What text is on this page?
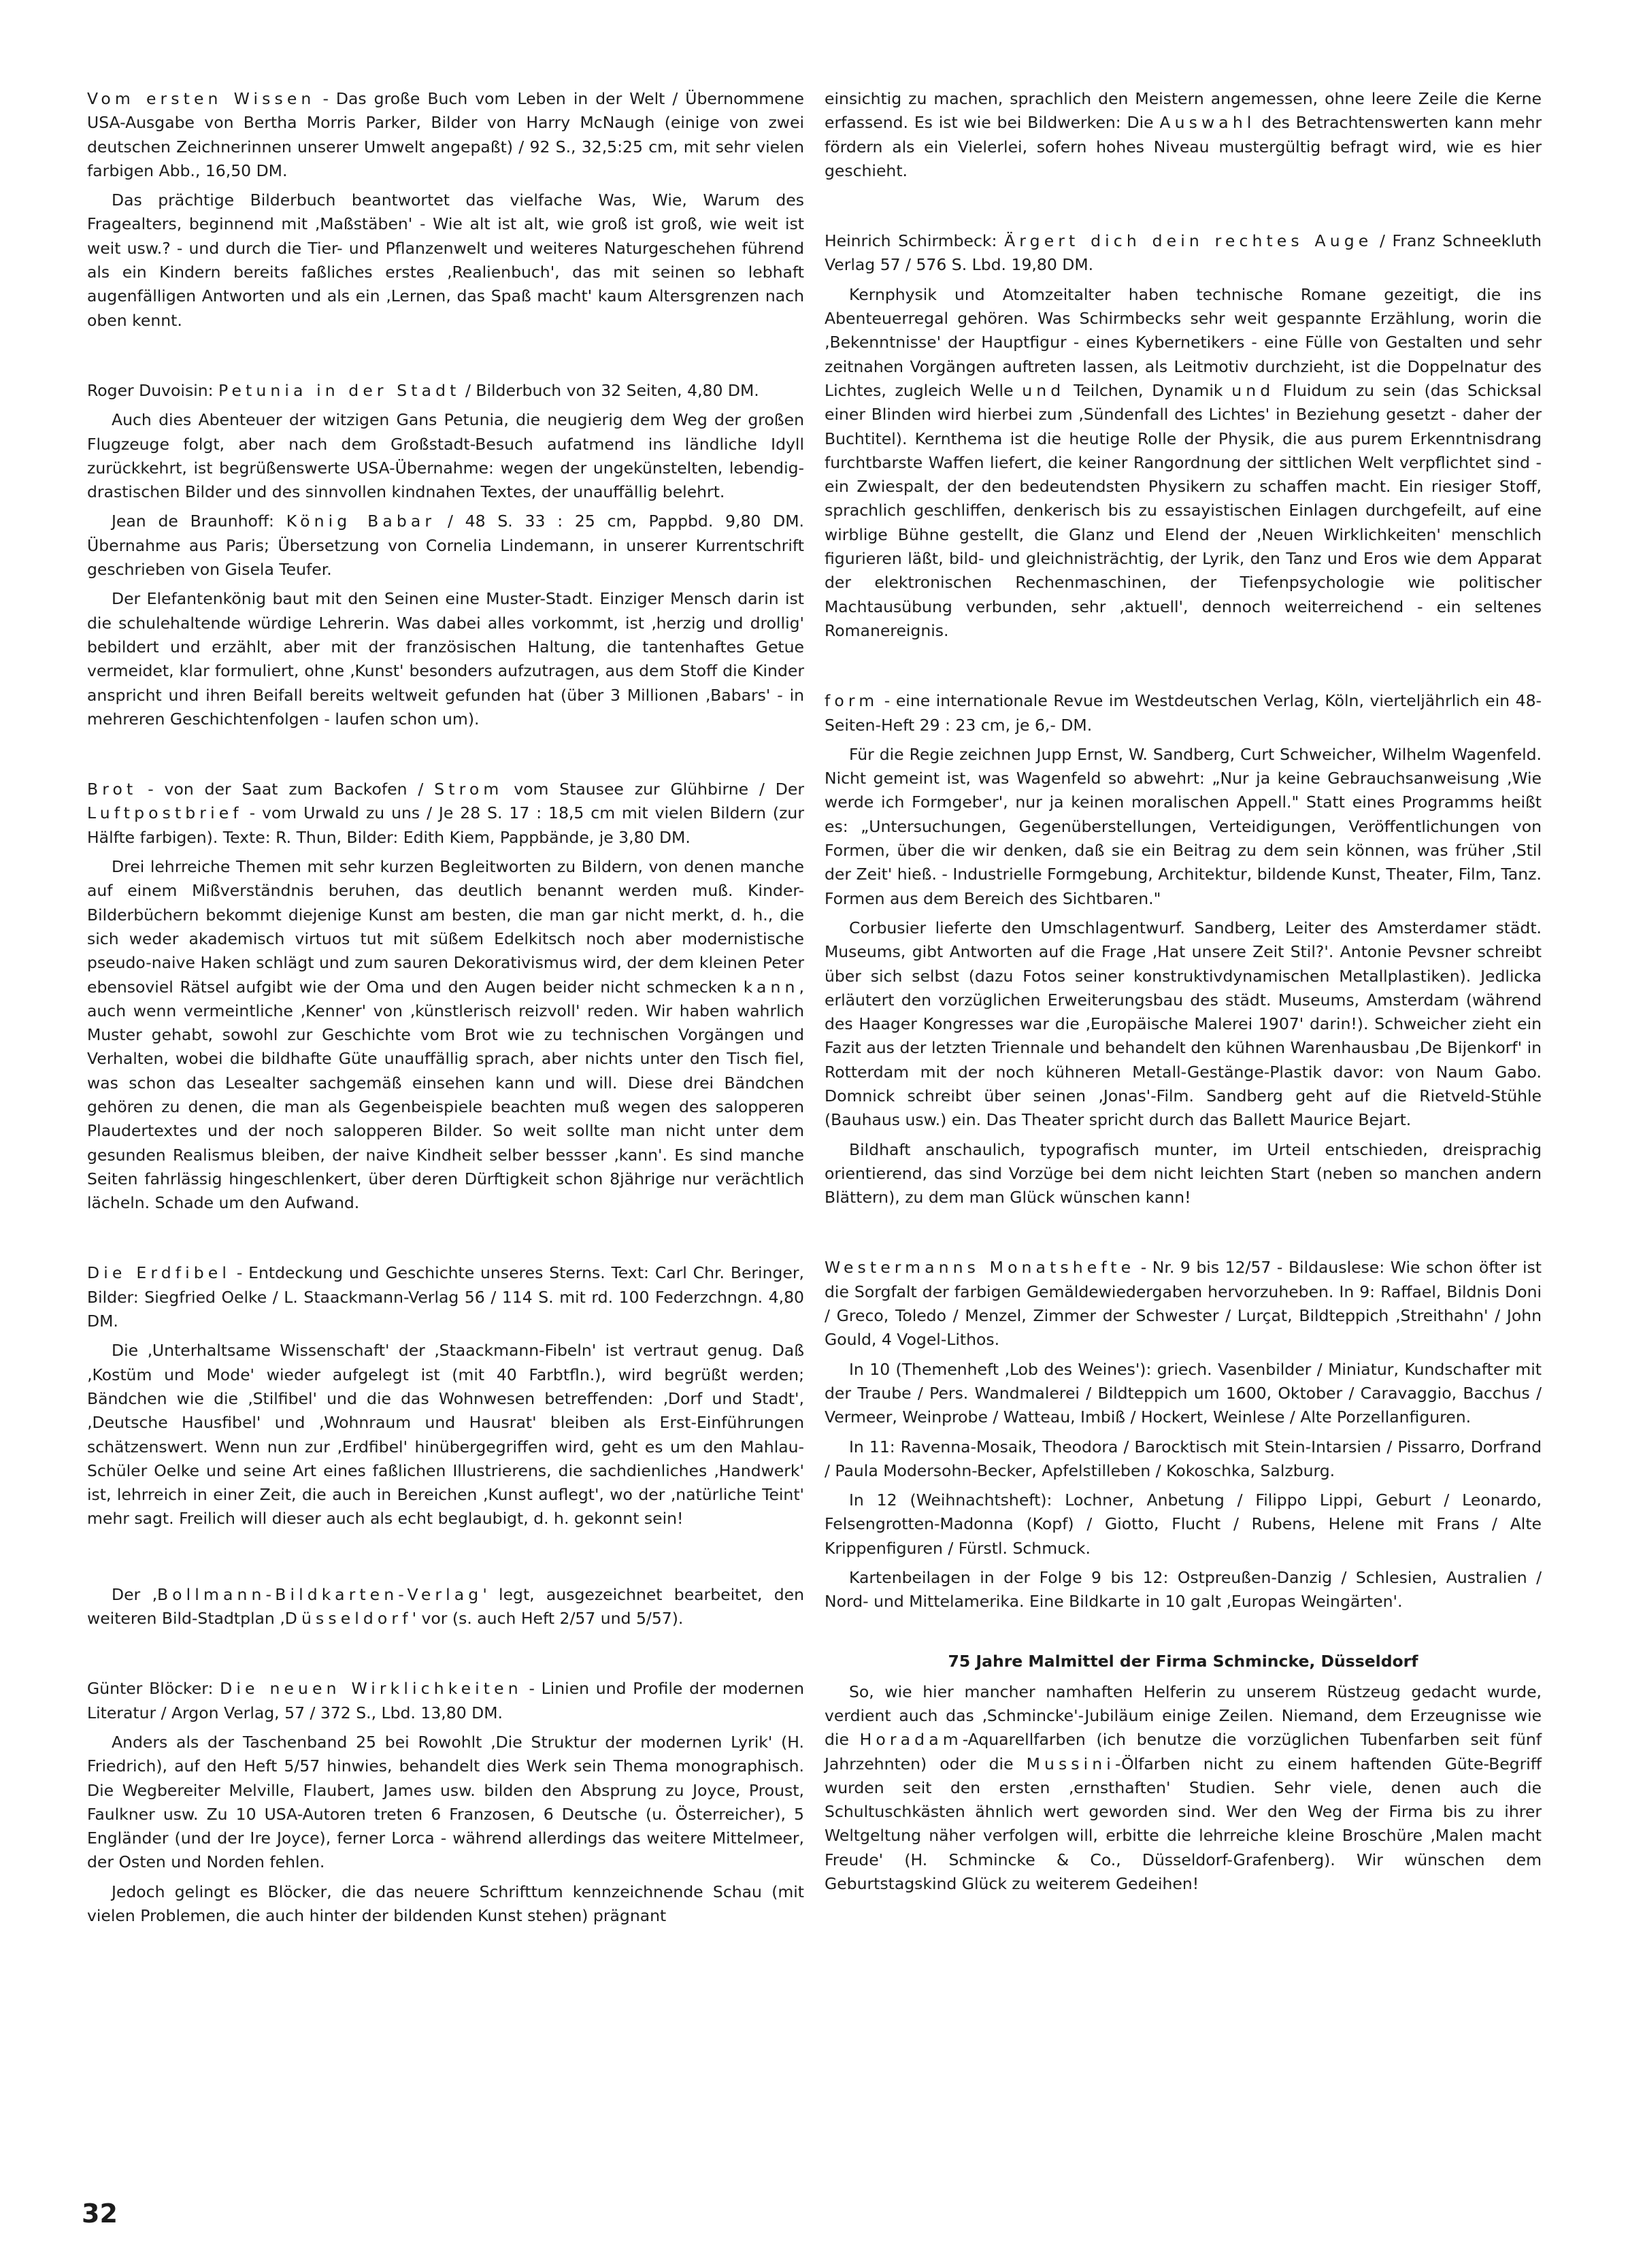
Vom ersten Wissen - Das große Buch vom Leben in der Welt / Übernommene USA-Ausgabe von Bertha Morris Parker, Bilder von Harry McNaugh (einige von zwei deutschen Zeichnerinnen unserer Umwelt angepaßt) / 92 S., 32,5:25 cm, mit sehr vielen farbigen Abb., 16,50 DM.

Das prächtige Bilderbuch beantwortet das vielfache Was, Wie, Warum des Fragealters, beginnend mit ‚Maßstäben' - Wie alt ist alt, wie groß ist groß, wie weit ist weit usw.? - und durch die Tier- und Pflanzenwelt und weiteres Naturgeschehen führend als ein Kindern bereits faßliches erstes ‚Realienbuch', das mit seinen so lebhaft augenfälligen Antworten und als ein ‚Lernen, das Spaß macht' kaum Altersgrenzen nach oben kennt.

Roger Duvoisin: Petunia in der Stadt / Bilderbuch von 32 Seiten, 4,80 DM.

Auch dies Abenteuer der witzigen Gans Petunia, die neugierig dem Weg der großen Flugzeuge folgt, aber nach dem Großstadt-Besuch aufatmend ins ländliche Idyll zurückkehrt, ist begrüßenswerte USA-Übernahme: wegen der ungekünstelten, lebendig-drastischen Bilder und des sinnvollen kindnahen Textes, der unauffällig belehrt.

Jean de Braunhoff: König Babar / 48 S. 33 : 25 cm, Pappbd. 9,80 DM. Übernahme aus Paris; Übersetzung von Cornelia Lindemann, in unserer Kurrentschrift geschrieben von Gisela Teufer.

Der Elefantenkönig baut mit den Seinen eine Muster-Stadt. Einziger Mensch darin ist die schulehaltende würdige Lehrerin. Was dabei alles vorkommt, ist ‚herzig und drollig' bebildert und erzählt, aber mit der französischen Haltung, die tantenhaftes Getue vermeidet, klar formuliert, ohne ‚Kunst' besonders aufzutragen, aus dem Stoff die Kinder anspricht und ihren Beifall bereits weltweit gefunden hat (über 3 Millionen ‚Babars' - in mehreren Geschichtenfolgen - laufen schon um).

Brot - von der Saat zum Backofen / Strom vom Stausee zur Glühbirne / Der Luftpostbrief - vom Urwald zu uns / Je 28 S. 17 : 18,5 cm mit vielen Bildern (zur Hälfte farbigen). Texte: R. Thun, Bilder: Edith Kiem, Pappbände, je 3,80 DM.

Drei lehrreiche Themen mit sehr kurzen Begleitworten zu Bildern, von denen manche auf einem Mißverständnis beruhen, das deutlich benannt werden muß. Kinder-Bilderbüchern bekommt diejenige Kunst am besten, die man gar nicht merkt, d. h., die sich weder akademisch virtuos tut mit süßem Edelkitsch noch aber modernistische pseudo-naive Haken schlägt und zum sauren Dekorativismus wird, der dem kleinen Peter ebensoviel Rätsel aufgibt wie der Oma und den Augen beider nicht schmecken kann, auch wenn vermeintliche ‚Kenner' von ‚künstlerisch reizvoll' reden. Wir haben wahrlich Muster gehabt, sowohl zur Geschichte vom Brot wie zu technischen Vorgängen und Verhalten, wobei die bildhafte Güte unauffällig sprach, aber nichts unter den Tisch fiel, was schon das Lesealter sachgemäß einsehen kann und will. Diese drei Bändchen gehören zu denen, die man als Gegenbeispiele beachten muß wegen des salopperen Plaudertextes und der noch salopperen Bilder. So weit sollte man nicht unter dem gesunden Realismus bleiben, der naive Kindheit selber bessser ‚kann'. Es sind manche Seiten fahrlässig hingeschlenkert, über deren Dürftigkeit schon 8jährige nur verächtlich lächeln. Schade um den Aufwand.

Die Erdfibel - Entdeckung und Geschichte unseres Sterns. Text: Carl Chr. Beringer, Bilder: Siegfried Oelke / L. Staackmann-Verlag 56 / 114 S. mit rd. 100 Federzchngn. 4,80 DM.

Die ‚Unterhaltsame Wissenschaft' der ‚Staackmann-Fibeln' ist vertraut genug. Daß ‚Kostüm und Mode' wieder aufgelegt ist (mit 40 Farbtfln.), wird begrüßt werden; Bändchen wie die ‚Stilfibel' und die das Wohnwesen betreffenden: ‚Dorf und Stadt', ‚Deutsche Hausfibel' und ‚Wohnraum und Hausrat' bleiben als Erst-Einführungen schätzenswert. Wenn nun zur ‚Erdfibel' hinübergegriffen wird, geht es um den Mahlau-Schüler Oelke und seine Art eines faßlichen Illustrierens, die sachdienliches ‚Handwerk' ist, lehrreich in einer Zeit, die auch in Bereichen ‚Kunst auflegt', wo der ‚natürliche Teint' mehr sagt. Freilich will dieser auch als echt beglaubigt, d. h. gekonnt sein!

Der ‚Bollmann-Bildkarten-Verlag' legt, ausgezeichnet bearbeitet, den weiteren Bild-Stadtplan ‚Düsseldorf' vor (s. auch Heft 2/57 und 5/57).

Günter Blöcker: Die neuen Wirklichkeiten - Linien und Profile der modernen Literatur / Argon Verlag, 57 / 372 S., Lbd. 13,80 DM.

Anders als der Taschenband 25 bei Rowohlt ‚Die Struktur der modernen Lyrik' (H. Friedrich), auf den Heft 5/57 hinwies, behandelt dies Werk sein Thema monographisch. Die Wegbereiter Melville, Flaubert, James usw. bilden den Absprung zu Joyce, Proust, Faulkner usw. Zu 10 USA-Autoren treten 6 Franzosen, 6 Deutsche (u. Österreicher), 5 Engländer (und der Ire Joyce), ferner Lorca - während allerdings das weitere Mittelmeer, der Osten und Norden fehlen.

Jedoch gelingt es Blöcker, die das neuere Schrifttum kennzeichnende Schau (mit vielen Problemen, die auch hinter der bildenden Kunst stehen) prägnant

einsichtig zu machen, sprachlich den Meistern angemessen, ohne leere Zeile die Kerne erfassend. Es ist wie bei Bildwerken: Die Auswahl des Betrachtenswerten kann mehr fördern als ein Vielerlei, sofern hohes Niveau mustergültig befragt wird, wie es hier geschieht.

Heinrich Schirmbeck: Ärgert dich dein rechtes Auge / Franz Schneekluth Verlag 57 / 576 S. Lbd. 19,80 DM.

Kernphysik und Atomzeitalter haben technische Romane gezeitigt, die ins Abenteuerregal gehören. Was Schirmbecks sehr weit gespannte Erzählung, worin die ‚Bekenntnisse' der Hauptfigur - eines Kybernetikers - eine Fülle von Gestalten und sehr zeitnahen Vorgängen auftreten lassen, als Leitmotiv durchzieht, ist die Doppelnatur des Lichtes, zugleich Welle und Teilchen, Dynamik und Fluidum zu sein (das Schicksal einer Blinden wird hierbei zum ‚Sündenfall des Lichtes' in Beziehung gesetzt - daher der Buchtitel). Kernthema ist die heutige Rolle der Physik, die aus purem Erkenntnisdrang furchtbarste Waffen liefert, die keiner Rangordnung der sittlichen Welt verpflichtet sind - ein Zwiespalt, der den bedeutendsten Physikern zu schaffen macht. Ein riesiger Stoff, sprachlich geschliffen, denkerisch bis zu essayistischen Einlagen durchgefeilt, auf eine wirblige Bühne gestellt, die Glanz und Elend der ‚Neuen Wirklichkeiten' menschlich figurieren läßt, bild- und gleichnisträchtig, der Lyrik, den Tanz und Eros wie dem Apparat der elektronischen Rechenmaschinen, der Tiefenpsychologie wie politischer Machtausübung verbunden, sehr ‚aktuell', dennoch weiterreichend - ein seltenes Romanereignis.

form - eine internationale Revue im Westdeutschen Verlag, Köln, vierteljährlich ein 48-Seiten-Heft 29 : 23 cm, je 6,- DM.

Für die Regie zeichnen Jupp Ernst, W. Sandberg, Curt Schweicher, Wilhelm Wagenfeld. Nicht gemeint ist, was Wagenfeld so abwehrt: „Nur ja keine Gebrauchsanweisung ‚Wie werde ich Formgeber', nur ja keinen moralischen Appell." Statt eines Programms heißt es: „Untersuchungen, Gegenüberstellungen, Verteidigungen, Veröffentlichungen von Formen, über die wir denken, daß sie ein Beitrag zu dem sein können, was früher ‚Stil der Zeit' hieß. - Industrielle Formgebung, Architektur, bildende Kunst, Theater, Film, Tanz. Formen aus dem Bereich des Sichtbaren."

Corbusier lieferte den Umschlagentwurf. Sandberg, Leiter des Amsterdamer städt. Museums, gibt Antworten auf die Frage ‚Hat unsere Zeit Stil?'. Antonie Pevsner schreibt über sich selbst (dazu Fotos seiner konstruktivdynamischen Metallplastiken). Jedlicka erläutert den vorzüglichen Erweiterungsbau des städt. Museums, Amsterdam (während des Haager Kongresses war die ‚Europäische Malerei 1907' darin!). Schweicher zieht ein Fazit aus der letzten Triennale und behandelt den kühnen Warenhausbau ‚De Bijenkorf' in Rotterdam mit der noch kühneren Metall-Gestänge-Plastik davor: von Naum Gabo. Domnick schreibt über seinen ‚Jonas'-Film. Sandberg geht auf die Rietveld-Stühle (Bauhaus usw.) ein. Das Theater spricht durch das Ballett Maurice Bejart.

Bildhaft anschaulich, typografisch munter, im Urteil entschieden, dreisprachig orientierend, das sind Vorzüge bei dem nicht leichten Start (neben so manchen andern Blättern), zu dem man Glück wünschen kann!

Westermanns Monatshefte - Nr. 9 bis 12/57 - Bildauslese: Wie schon öfter ist die Sorgfalt der farbigen Gemäldewiedergaben hervorzuheben. In 9: Raffael, Bildnis Doni / Greco, Toledo / Menzel, Zimmer der Schwester / Lurçat, Bildteppich ‚Streithahn' / John Gould, 4 Vogel-Lithos.

In 10 (Themenheft ‚Lob des Weines'): griech. Vasenbilder / Miniatur, Kundschafter mit der Traube / Pers. Wandmalerei / Bildteppich um 1600, Oktober / Caravaggio, Bacchus / Vermeer, Weinprobe / Watteau, Imbiß / Hockert, Weinlese / Alte Porzellanfiguren.

In 11: Ravenna-Mosaik, Theodora / Barocktisch mit Stein-Intarsien / Pissarro, Dorfrand / Paula Modersohn-Becker, Apfelstilleben / Kokoschka, Salzburg.

In 12 (Weihnachtsheft): Lochner, Anbetung / Filippo Lippi, Geburt / Leonardo, Felsengrotten-Madonna (Kopf) / Giotto, Flucht / Rubens, Helene mit Frans / Alte Krippenfiguren / Fürstl. Schmuck.

Kartenbeilagen in der Folge 9 bis 12: Ostpreußen-Danzig / Schlesien, Australien / Nord- und Mittelamerika. Eine Bildkarte in 10 galt ‚Europas Weingärten'.

75 Jahre Malmittel der Firma Schmincke, Düsseldorf

So, wie hier mancher namhaften Helferin zu unserem Rüstzeug gedacht wurde, verdient auch das ‚Schmincke'-Jubiläum einige Zeilen. Niemand, dem Erzeugnisse wie die Horadam-Aquarellfarben (ich benutze die vorzüglichen Tubenfarben seit fünf Jahrzehnten) oder die Mussini-Ölfarben nicht zu einem haftenden Güte-Begriff wurden seit den ersten ‚ernsthaften' Studien. Sehr viele, denen auch die Schultuschkästen ähnlich wert geworden sind. Wer den Weg der Firma bis zu ihrer Weltgeltung näher verfolgen will, erbitte die lehrreiche kleine Broschüre ‚Malen macht Freude' (H. Schmincke & Co., Düsseldorf-Grafenberg). Wir wünschen dem Geburtstagskind Glück zu weiterem Gedeihen!

32
